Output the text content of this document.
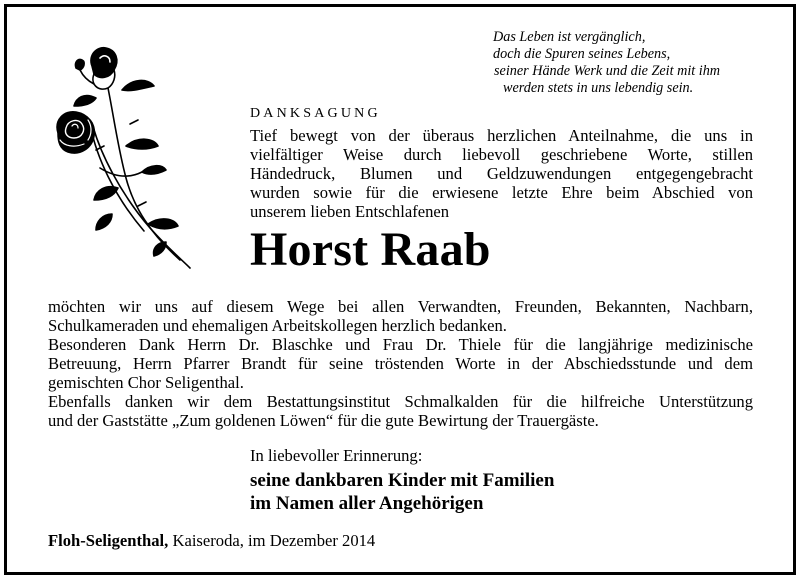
Das Leben ist vergänglich,
doch die Spuren seines Lebens,
seiner Hände Werk und die Zeit mit ihm
werden stets in uns lebendig sein.
DANKSAGUNG
Tief bewegt von der überaus herzlichen Anteilnahme, die uns in
vielfältiger Weise durch liebevoll geschriebene Worte, stillen
Händedruck, Blumen und Geldzuwendungen entgegengebracht
wurden sowie für die erwiesene letzte Ehre beim Abschied von
unserem lieben Entschlafenen
Horst Raab
möchten wir uns auf diesem Wege bei allen Verwandten, Freunden, Bekannten, Nachbarn,
Schulkameraden und ehemaligen Arbeitskollegen herzlich bedanken.
Besonderen Dank Herrn Dr. Blaschke und Frau Dr. Thiele für die langjährige medizinische
Betreuung, Herrn Pfarrer Brandt für seine tröstenden Worte in der Abschiedsstunde und dem
gemischten Chor Seligenthal.
Ebenfalls danken wir dem Bestattungsinstitut Schmalkalden für die hilfreiche Unterstützung
und der Gaststätte „Zum goldenen Löwen“ für die gute Bewirtung der Trauergäste.
In liebevoller Erinnerung:
seine dankbaren Kinder mit Familien
im Namen aller Angehörigen
Floh-Seligenthal, Kaiseroda, im Dezember 2014
